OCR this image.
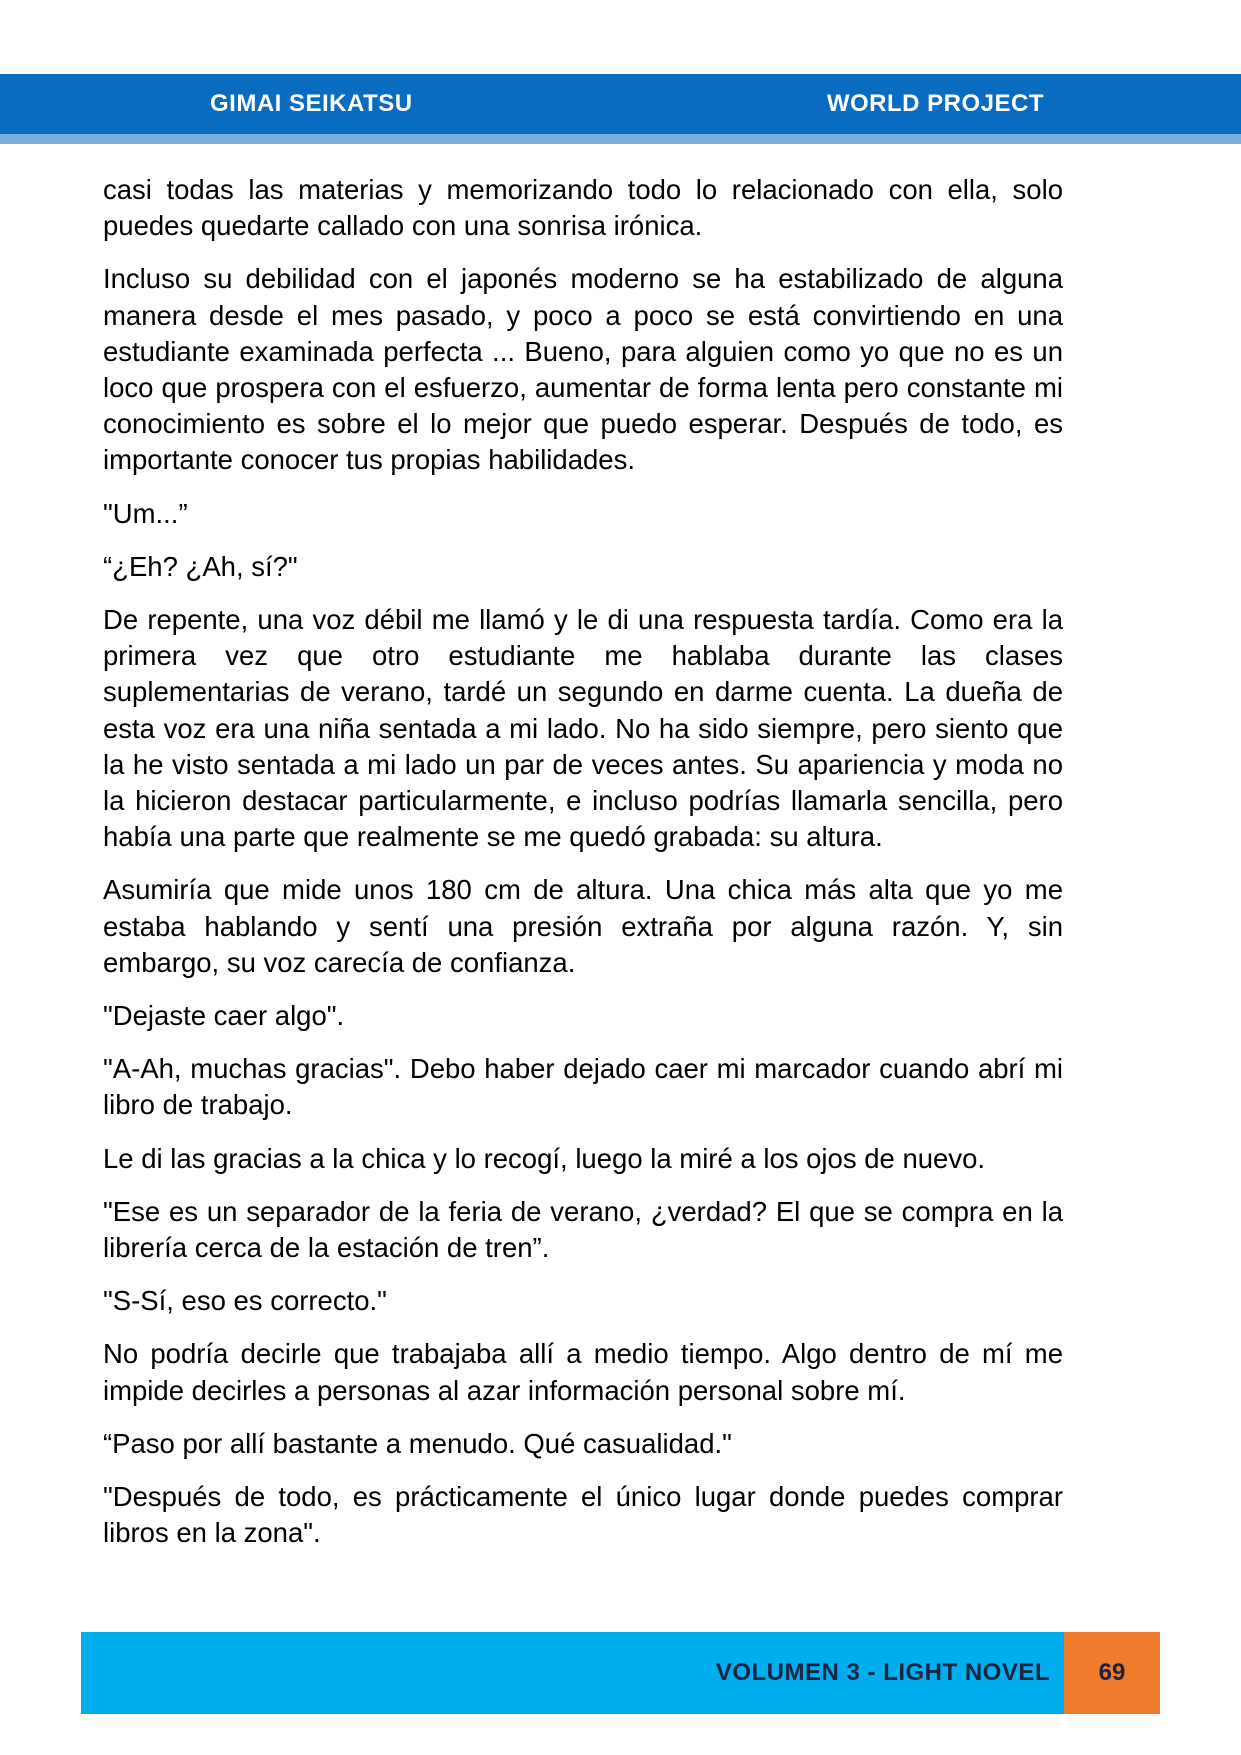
GIMAI SEIKATSU	WORLD PROJECT

casi todas las materias y memorizando todo lo relacionado con ella, solo puedes quedarte callado con una sonrisa irónica.

Incluso su debilidad con el japonés moderno se ha estabilizado de alguna manera desde el mes pasado, y poco a poco se está convirtiendo en una estudiante examinada perfecta ... Bueno, para alguien como yo que no es un loco que prospera con el esfuerzo, aumentar de forma lenta pero constante mi conocimiento es sobre el lo mejor que puedo esperar. Después de todo, es importante conocer tus propias habilidades.

"Um...”

“¿Eh? ¿Ah, sí?"

De repente, una voz débil me llamó y le di una respuesta tardía. Como era la primera vez que otro estudiante me hablaba durante las clases suplementarias de verano, tardé un segundo en darme cuenta. La dueña de esta voz era una niña sentada a mi lado. No ha sido siempre, pero siento que la he visto sentada a mi lado un par de veces antes. Su apariencia y moda no la hicieron destacar particularmente, e incluso podrías llamarla sencilla, pero había una parte que realmente se me quedó grabada: su altura.

Asumiría que mide unos 180 cm de altura. Una chica más alta que yo me estaba hablando y sentí una presión extraña por alguna razón. Y, sin embargo, su voz carecía de confianza.

"Dejaste caer algo".

"A-Ah, muchas gracias". Debo haber dejado caer mi marcador cuando abrí mi libro de trabajo.

Le di las gracias a la chica y lo recogí, luego la miré a los ojos de nuevo.

"Ese es un separador de la feria de verano, ¿verdad? El que se compra en la librería cerca de la estación de tren”.

"S-Sí, eso es correcto."

No podría decirle que trabajaba allí a medio tiempo. Algo dentro de mí me impide decirles a personas al azar información personal sobre mí.

“Paso por allí bastante a menudo. Qué casualidad."

"Después de todo, es prácticamente el único lugar donde puedes comprar libros en la zona".

VOLUMEN 3 - LIGHT NOVEL	69
